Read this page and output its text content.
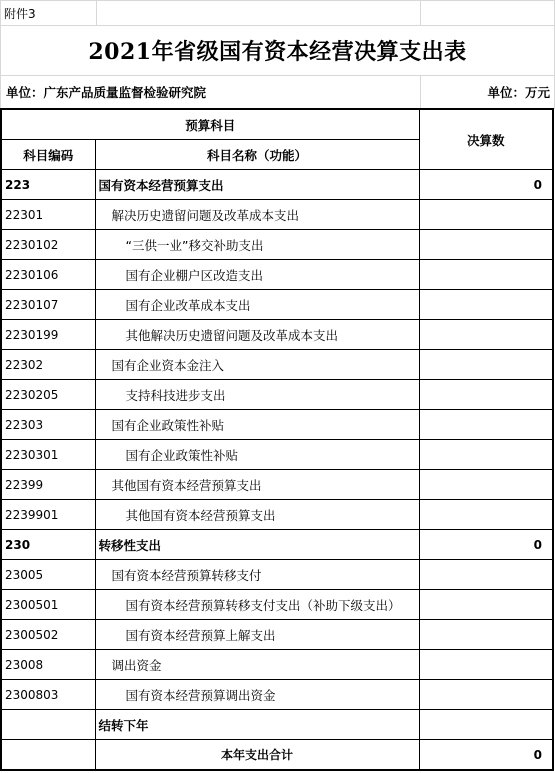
附件3		
2021年省级国有资本经营决算支出表		
单位：广东产品质量监督检验研究院		单位：万元
预算科目		决算数
科目编码	科目名称（功能）	
223	国有资本经营预算支出	0
22301	解决历史遗留问题及改革成本支出	
2230102	“三供一业”移交补助支出	
2230106	国有企业棚户区改造支出	
2230107	国有企业改革成本支出	
2230199	其他解决历史遗留问题及改革成本支出	
22302	国有企业资本金注入	
2230205	支持科技进步支出	
22303	国有企业政策性补贴	
2230301	国有企业政策性补贴	
22399	其他国有资本经营预算支出	
2239901	其他国有资本经营预算支出	
230	转移性支出	0
23005	国有资本经营预算转移支付	
2300501	国有资本经营预算转移支付支出（补助下级支出）	
2300502	国有资本经营预算上解支出	
23008	调出资金	
2300803	国有资本经营预算调出资金	
	结转下年	
	本年支出合计	0
